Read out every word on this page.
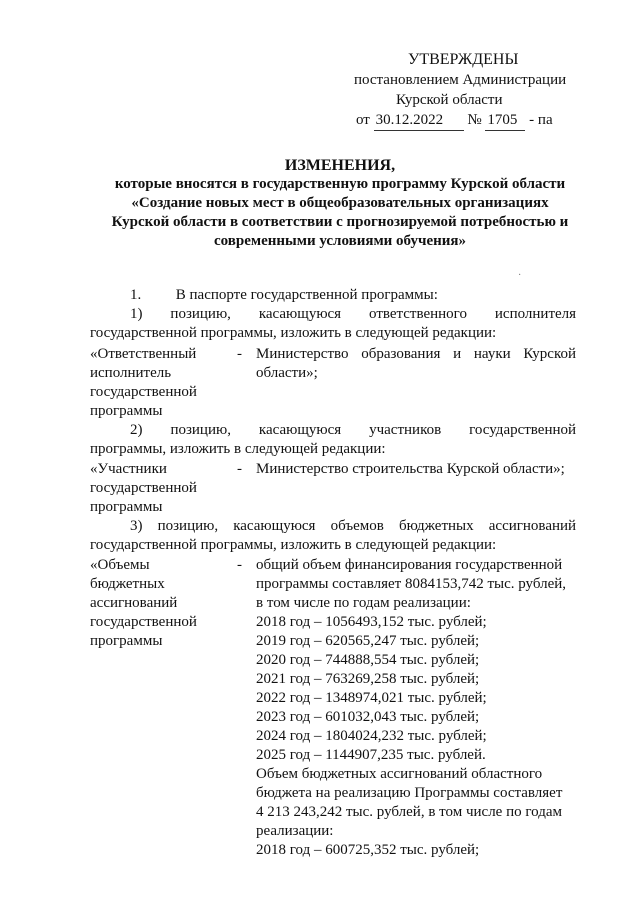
УТВЕРЖДЕНЫ
постановлением Администрации
Курской области
от 30.12.2022 № 1705 - па
ИЗМЕНЕНИЯ,
которые вносятся в государственную программу Курской области
«Создание новых мест в общеобразовательных организациях
Курской области в соответствии с прогнозируемой потребностью и
современными условиями обучения»
·
1. В паспорте государственной программы:
1) позицию, касающуюся ответственного исполнителя
государственной программы, изложить в следующей редакции:
«Ответственный
исполнитель
государственной
программы
- Министерство образования и науки Курской области»;
2) позицию, касающуюся участников государственной
программы, изложить в следующей редакции:
«Участники
государственной
программы
- Министерство строительства Курской области»;
3) позицию, касающуюся объемов бюджетных ассигнований
государственной программы, изложить в следующей редакции:
«Объемы
бюджетных
ассигнований
государственной
программы
- общий объем финансирования государственной
программы составляет 8084153,742 тыс. рублей,
в том числе по годам реализации:
2018 год – 1056493,152 тыс. рублей;
2019 год – 620565,247 тыс. рублей;
2020 год – 744888,554 тыс. рублей;
2021 год – 763269,258 тыс. рублей;
2022 год – 1348974,021 тыс. рублей;
2023 год – 601032,043 тыс. рублей;
2024 год – 1804024,232 тыс. рублей;
2025 год – 1144907,235 тыс. рублей.
Объем бюджетных ассигнований областного
бюджета на реализацию Программы составляет
4 213 243,242 тыс. рублей, в том числе по годам
реализации:
2018 год – 600725,352 тыс. рублей;
